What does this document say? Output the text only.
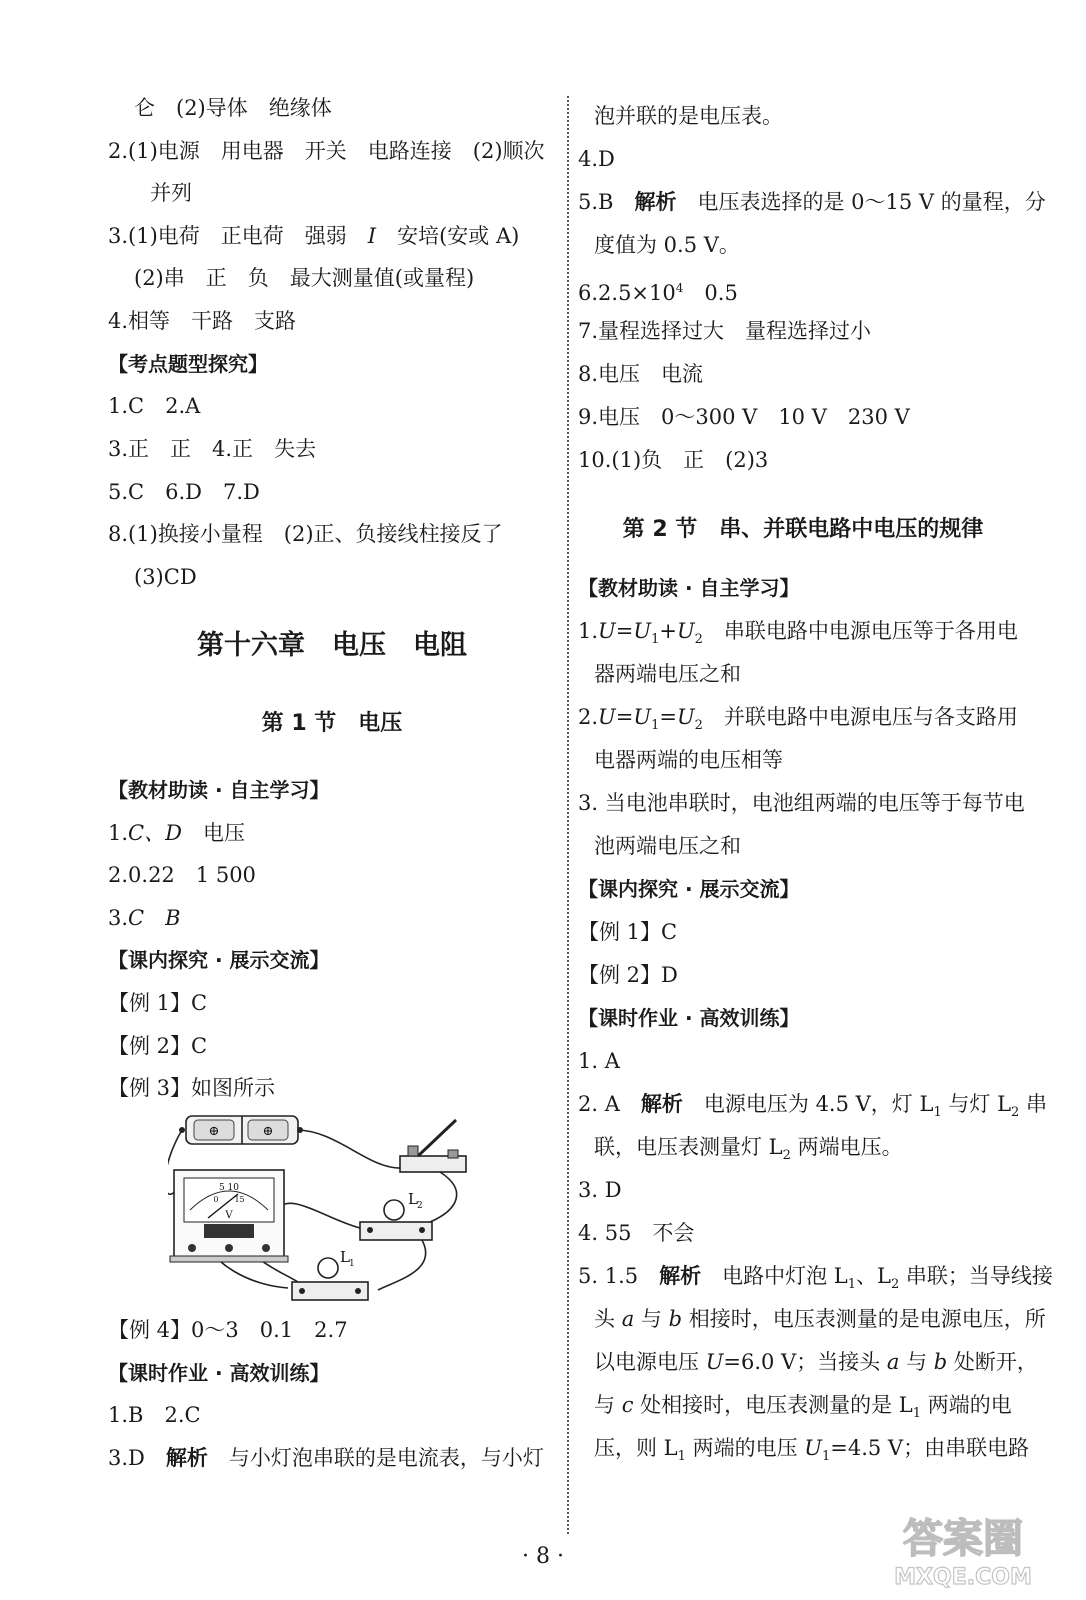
仑　(2)导体　绝缘体
2.(1)电源　用电器　开关　电路连接　(2)顺次
并列
3.(1)电荷　正电荷　强弱　I　安培(安或 A)
(2)串　正　负　最大测量值(或量程)
4.相等　干路　支路
【考点题型探究】
1.C　2.A
3.正　正　4.正　失去
5.C　6.D　7.D
8.(1)换接小量程　(2)正、负接线柱接反了
(3)CD
第十六章　电压　电阻
第 1 节　电压
【教材助读 · 自主学习】
1.C、D　电压
2.0.22　1 500
3.C　B
【课内探究 · 展示交流】
【例 1】C
【例 2】C
【例 3】如图所示
⊕	⊕
5 10
0　　15
V
L 2
L 1
【例 4】0～3　0.1　2.7
【课时作业 · 高效训练】
1.B　2.C
3.D　解析　与小灯泡串联的是电流表，与小灯
泡并联的是电压表。
4.D
5.B　解析　电压表选择的是 0～15 V 的量程，分
度值为 0.5 V。
$6.2.5\times 10^4$　0.5
7.量程选择过大　量程选择过小
8.电压　电流
9.电压　0～300 V　10 V　230 V
10.(1)负　正　(2)3
第 2 节　串、并联电路中电压的规律
【教材助读 · 自主学习】
$1.U=U_1+U_2$　串联电路中电源电压等于各用电
器两端电压之和
$2.U=U_1=U_2$　并联电路中电源电压与各支路用
电器两端的电压相等
3. 当电池串联时，电池组两端的电压等于每节电
池两端电压之和
【课内探究 · 展示交流】
【例 1】C
【例 2】D
【课时作业 · 高效训练】
1. A
2. A　解析　电源电压为 4.5 V，灯 $L_1$ 与灯 $L_2$ 串
联，电压表测量灯 $L_2$ 两端电压。
3. D
4. 55　不会
5. 1.5　解析　电路中灯泡 $L_1$、$L_2$ 串联；当导线接
头 a 与 b 相接时，电压表测量的是电源电压，所
以电源电压 U=6.0 V；当接头 a 与 b 处断开，
与 c 处相接时，电压表测量的是 $L_1$ 两端的电
压，则 $L_1$ 两端的电压 $U_1=4.5$ V；由串联电路
· 8 ·	答案圈
MXQE.COM
